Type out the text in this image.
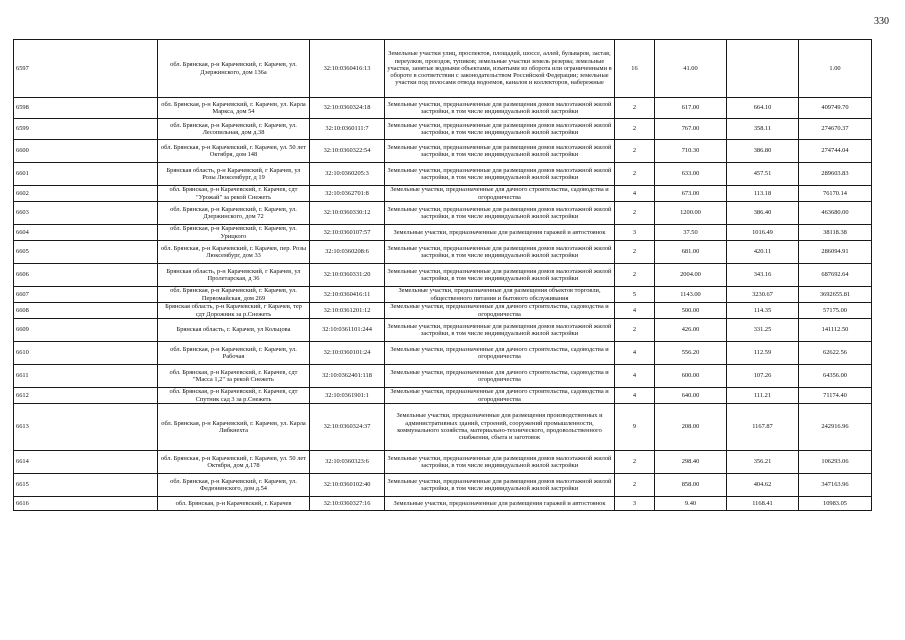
330
6597	обл. Брянская, р-н Карачевский, г. Карачев, ул. Дзержинского, дом 136а	32:10:0360416:13	Земельные участки улиц, проспектов, площадей, шоссе, аллей, бульваров, застав, переулков, проездов, тупиков; земельные участки земель резерва; земельные участки, занятые водными объектами, изъятыми из оборота или ограниченными в обороте в соответствии с законодательством Российской Федерации; земельные участки под полосами отвода водоемов, каналов и коллекторов, набережные	16	41.00		1.00
6598	обл. Брянская, р-н Карачевский, г. Карачев, ул. Карла Маркса, дом 54	32:10:0360324:18	Земельные участки, предназначенные для размещения домов малоэтажной жилой застройки, в том числе индивидуальной жилой застройки	2	617.00	664.10	409749.70
6599	обл. Брянская, р-н Карачевский, г. Карачев, ул. Лесопильная, дом д.38	32:10:0360111:7	Земельные участки, предназначенные для размещения домов малоэтажной жилой застройки, в том числе индивидуальной жилой застройки	2	767.00	358.11	274670.37
6600	обл. Брянская, р-н Карачевский, г. Карачев, ул. 50 лет Октября, дом 148	32:10:0360322:54	Земельные участки, предназначенные для размещения домов малоэтажной жилой застройки, в том числе индивидуальной жилой застройки	2	710.30	386.80	274744.04
6601	Брянская область, р-н Карачевский, г Карачев, ул Розы Люксембург, д 19	32:10:0360205:3	Земельные участки, предназначенные для размещения домов малоэтажной жилой застройки, в том числе индивидуальной жилой застройки	2	633.00	457.51	289603.83
6602	обл. Брянская, р-н Карачевский, г. Карачев, сдт "Урожай" за рекой Снежеть	32:10:0362701:8	Земельные участки, предназначенные для дачного строительства, садоводства и огородничества	4	673.00	113.18	76170.14
6603	обл. Брянская, р-н Карачевский, г. Карачев, ул. Дзержинского, дом 72	32:10:0360330:12	Земельные участки, предназначенные для размещения домов малоэтажной жилой застройки, в том числе индивидуальной жилой застройки	2	1200.00	386.40	463680.00
6604	обл. Брянская, р-н Карачевский, г. Карачев, ул. Урицкого	32:10:0360107:57	Земельные участки, предназначенные для размещения гаражей и автостоянок	3	37.50	1016.49	38118.38
6605	обл. Брянская, р-н Карачевский, г. Карачев, пер. Розы Люксембург, дом 33	32:10:0360208:6	Земельные участки, предназначенные для размещения домов малоэтажной жилой застройки, в том числе индивидуальной жилой застройки	2	681.00	420.11	286094.91
6606	Брянская область, р-н Карачевский, г Карачев, ул Пролетарская, д 36	32:10:0360331:20	Земельные участки, предназначенные для размещения домов малоэтажной жилой застройки, в том числе индивидуальной жилой застройки	2	2004.00	343.16	687692.64
6607	обл. Брянская, р-н Карачевский, г. Карачев, ул. Первомайская, дом 269	32:10:0360416:11	Земельные участки, предназначенные для размещения объектов торговли, общественного питания и бытового обслуживания	5	1143.00	3230.67	3692655.81
6608	Брянская область, р-н Карачевский, г Карачев, тер сдт Дорожник за р.Снежеть	32:10:0361201:12	Земельные участки, предназначенные для дачного строительства, садоводства и огородничества	4	500.00	114.35	57175.00
6609	Брянская область, г. Карачев, ул Кольцова	32:10:0361101:244	Земельные участки, предназначенные для размещения домов малоэтажной жилой застройки, в том числе индивидуальной жилой застройки	2	426.00	331.25	141112.50
6610	обл. Брянская, р-н Карачевский, г. Карачев, ул. Рабочая	32:10:0360101:24	Земельные участки, предназначенные для дачного строительства, садоводства и огородничества	4	556.20	112.59	62622.56
6611	обл. Брянская, р-н Карачевский, г. Карачев, сдт "Масса 1,2" за рекой Снежеть	32:10:0362401:118	Земельные участки, предназначенные для дачного строительства, садоводства и огородничества	4	600.00	107.26	64356.00
6612	обл. Брянская, р-н Карачевский, г. Карачев, сдт Спутник сад 3 за р.Снежеть	32:10:0361901:1	Земельные участки, предназначенные для дачного строительства, садоводства и огородничества	4	640.00	111.21	71174.40
6613	обл. Брянская, р-н Карачевский, г. Карачев, ул. Карла Либкнехта	32:10:0360324:37	Земельные участки, предназначенные для размещения производственных и административных зданий, строений, сооружений промышленности, коммунального хозяйства, материально-технического, продовольственного снабжения, сбыта и заготовок	9	208.00	1167.87	242916.96
6614	обл. Брянская, р-н Карачевский, г. Карачев, ул. 50 лет Октября, дом д.178	32:10:0360323:6	Земельные участки, предназначенные для размещения домов малоэтажной жилой застройки, в том числе индивидуальной жилой застройки	2	298.40	356.21	106293.06
6615	обл. Брянская, р-н Карачевский, г. Карачев, ул. Федюнинского, дом д.54	32:10:0360102:40	Земельные участки, предназначенные для размещения домов малоэтажной жилой застройки, в том числе индивидуальной жилой застройки	2	858.00	404.62	347163.96
6616	обл. Брянская, р-н Карачевский, г. Карачев	32:10:0360327:16	Земельные участки, предназначенные для размещения гаражей и автостоянок	3	9.40	1168.41	10983.05
